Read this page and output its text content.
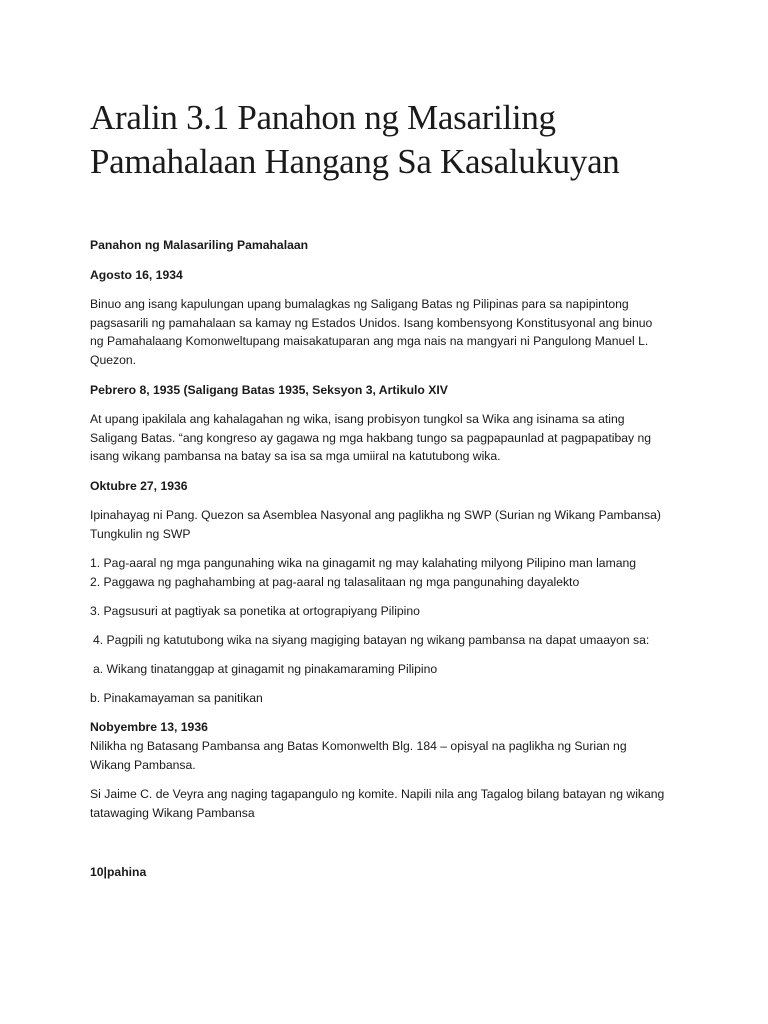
Aralin 3.1 Panahon ng Masariling
Pamahalaan Hangang Sa Kasalukuyan

Panahon ng Malasariling Pamahalaan

Agosto 16, 1934

Binuo ang isang kapulungan upang bumalagkas ng Saligang Batas ng Pilipinas para sa napipintong
pagsasarili ng pamahalaan sa kamay ng Estados Unidos. Isang kombensyong Konstitusyonal ang binuo
ng Pamahalaang Komonweltupang maisakatuparan ang mga nais na mangyari ni Pangulong Manuel L.
Quezon.

Pebrero 8, 1935 (Saligang Batas 1935, Seksyon 3, Artikulo XIV

At upang ipakilala ang kahalagahan ng wika, isang probisyon tungkol sa Wika ang isinama sa ating
Saligang Batas. “ang kongreso ay gagawa ng mga hakbang tungo sa pagpapaunlad at pagpapatibay ng
isang wikang pambansa na batay sa isa sa mga umiiral na katutubong wika.

Oktubre 27, 1936

Ipinahayag ni Pang. Quezon sa Asemblea Nasyonal ang paglikha ng SWP (Surian ng Wikang Pambansa)
Tungkulin ng SWP

1. Pag-aaral ng mga pangunahing wika na ginagamit ng may kalahating milyong Pilipino man lamang

2. Paggawa ng paghahambing at pag-aaral ng talasalitaan ng mga pangunahing dayalekto

3. Pagsusuri at pagtiyak sa ponetika at ortograpiyang Pilipino

4. Pagpili ng katutubong wika na siyang magiging batayan ng wikang pambansa na dapat umaayon sa:

a. Wikang tinatanggap at ginagamit ng pinakamaraming Pilipino

b. Pinakamayaman sa panitikan

Nobyembre 13, 1936

Nilikha ng Batasang Pambansa ang Batas Komonwelth Blg. 184 – opisyal na paglikha ng Surian ng
Wikang Pambansa.

Si Jaime C. de Veyra ang naging tagapangulo ng komite. Napili nila ang Tagalog bilang batayan ng wikang
tatawaging Wikang Pambansa

10|pahina
